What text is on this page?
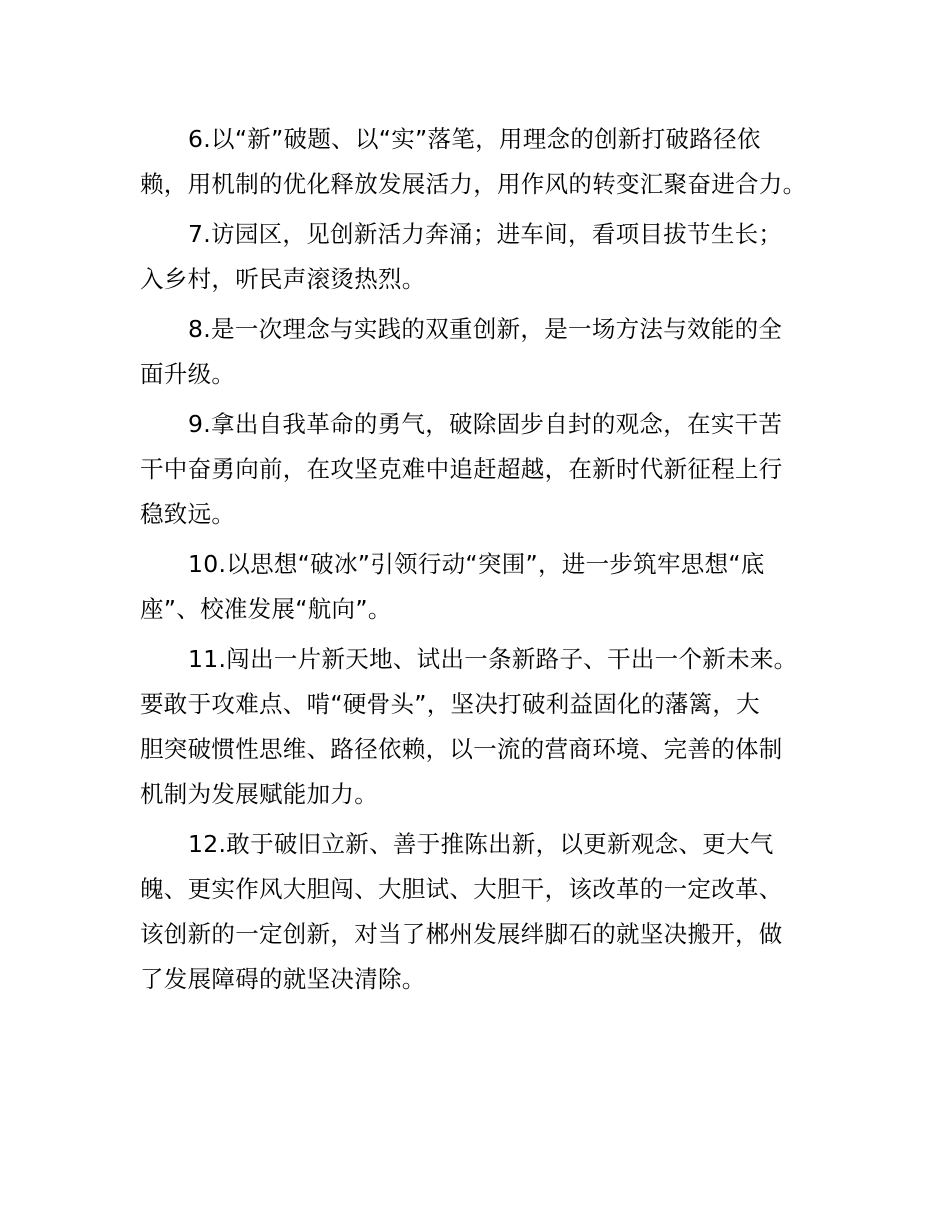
6.以“新”破题、以“实”落笔，用理念的创新打破路径依
赖，用机制的优化释放发展活力，用作风的转变汇聚奋进合力。

7.访园区，见创新活力奔涌；进车间，看项目拔节生长；
入乡村，听民声滚烫热烈。

8.是一次理念与实践的双重创新，是一场方法与效能的全
面升级。

9.拿出自我革命的勇气，破除固步自封的观念，在实干苦
干中奋勇向前，在攻坚克难中追赶超越，在新时代新征程上行
稳致远。

10.以思想“破冰”引领行动“突围”，进一步筑牢思想“底
座”、校准发展“航向”。

11.闯出一片新天地、试出一条新路子、干出一个新未来。
要敢于攻难点、啃“硬骨头”，坚决打破利益固化的藩篱，大
胆突破惯性思维、路径依赖，以一流的营商环境、完善的体制
机制为发展赋能加力。

12.敢于破旧立新、善于推陈出新，以更新观念、更大气
魄、更实作风大胆闯、大胆试、大胆干，该改革的一定改革、
该创新的一定创新，对当了郴州发展绊脚石的就坚决搬开，做
了发展障碍的就坚决清除。
